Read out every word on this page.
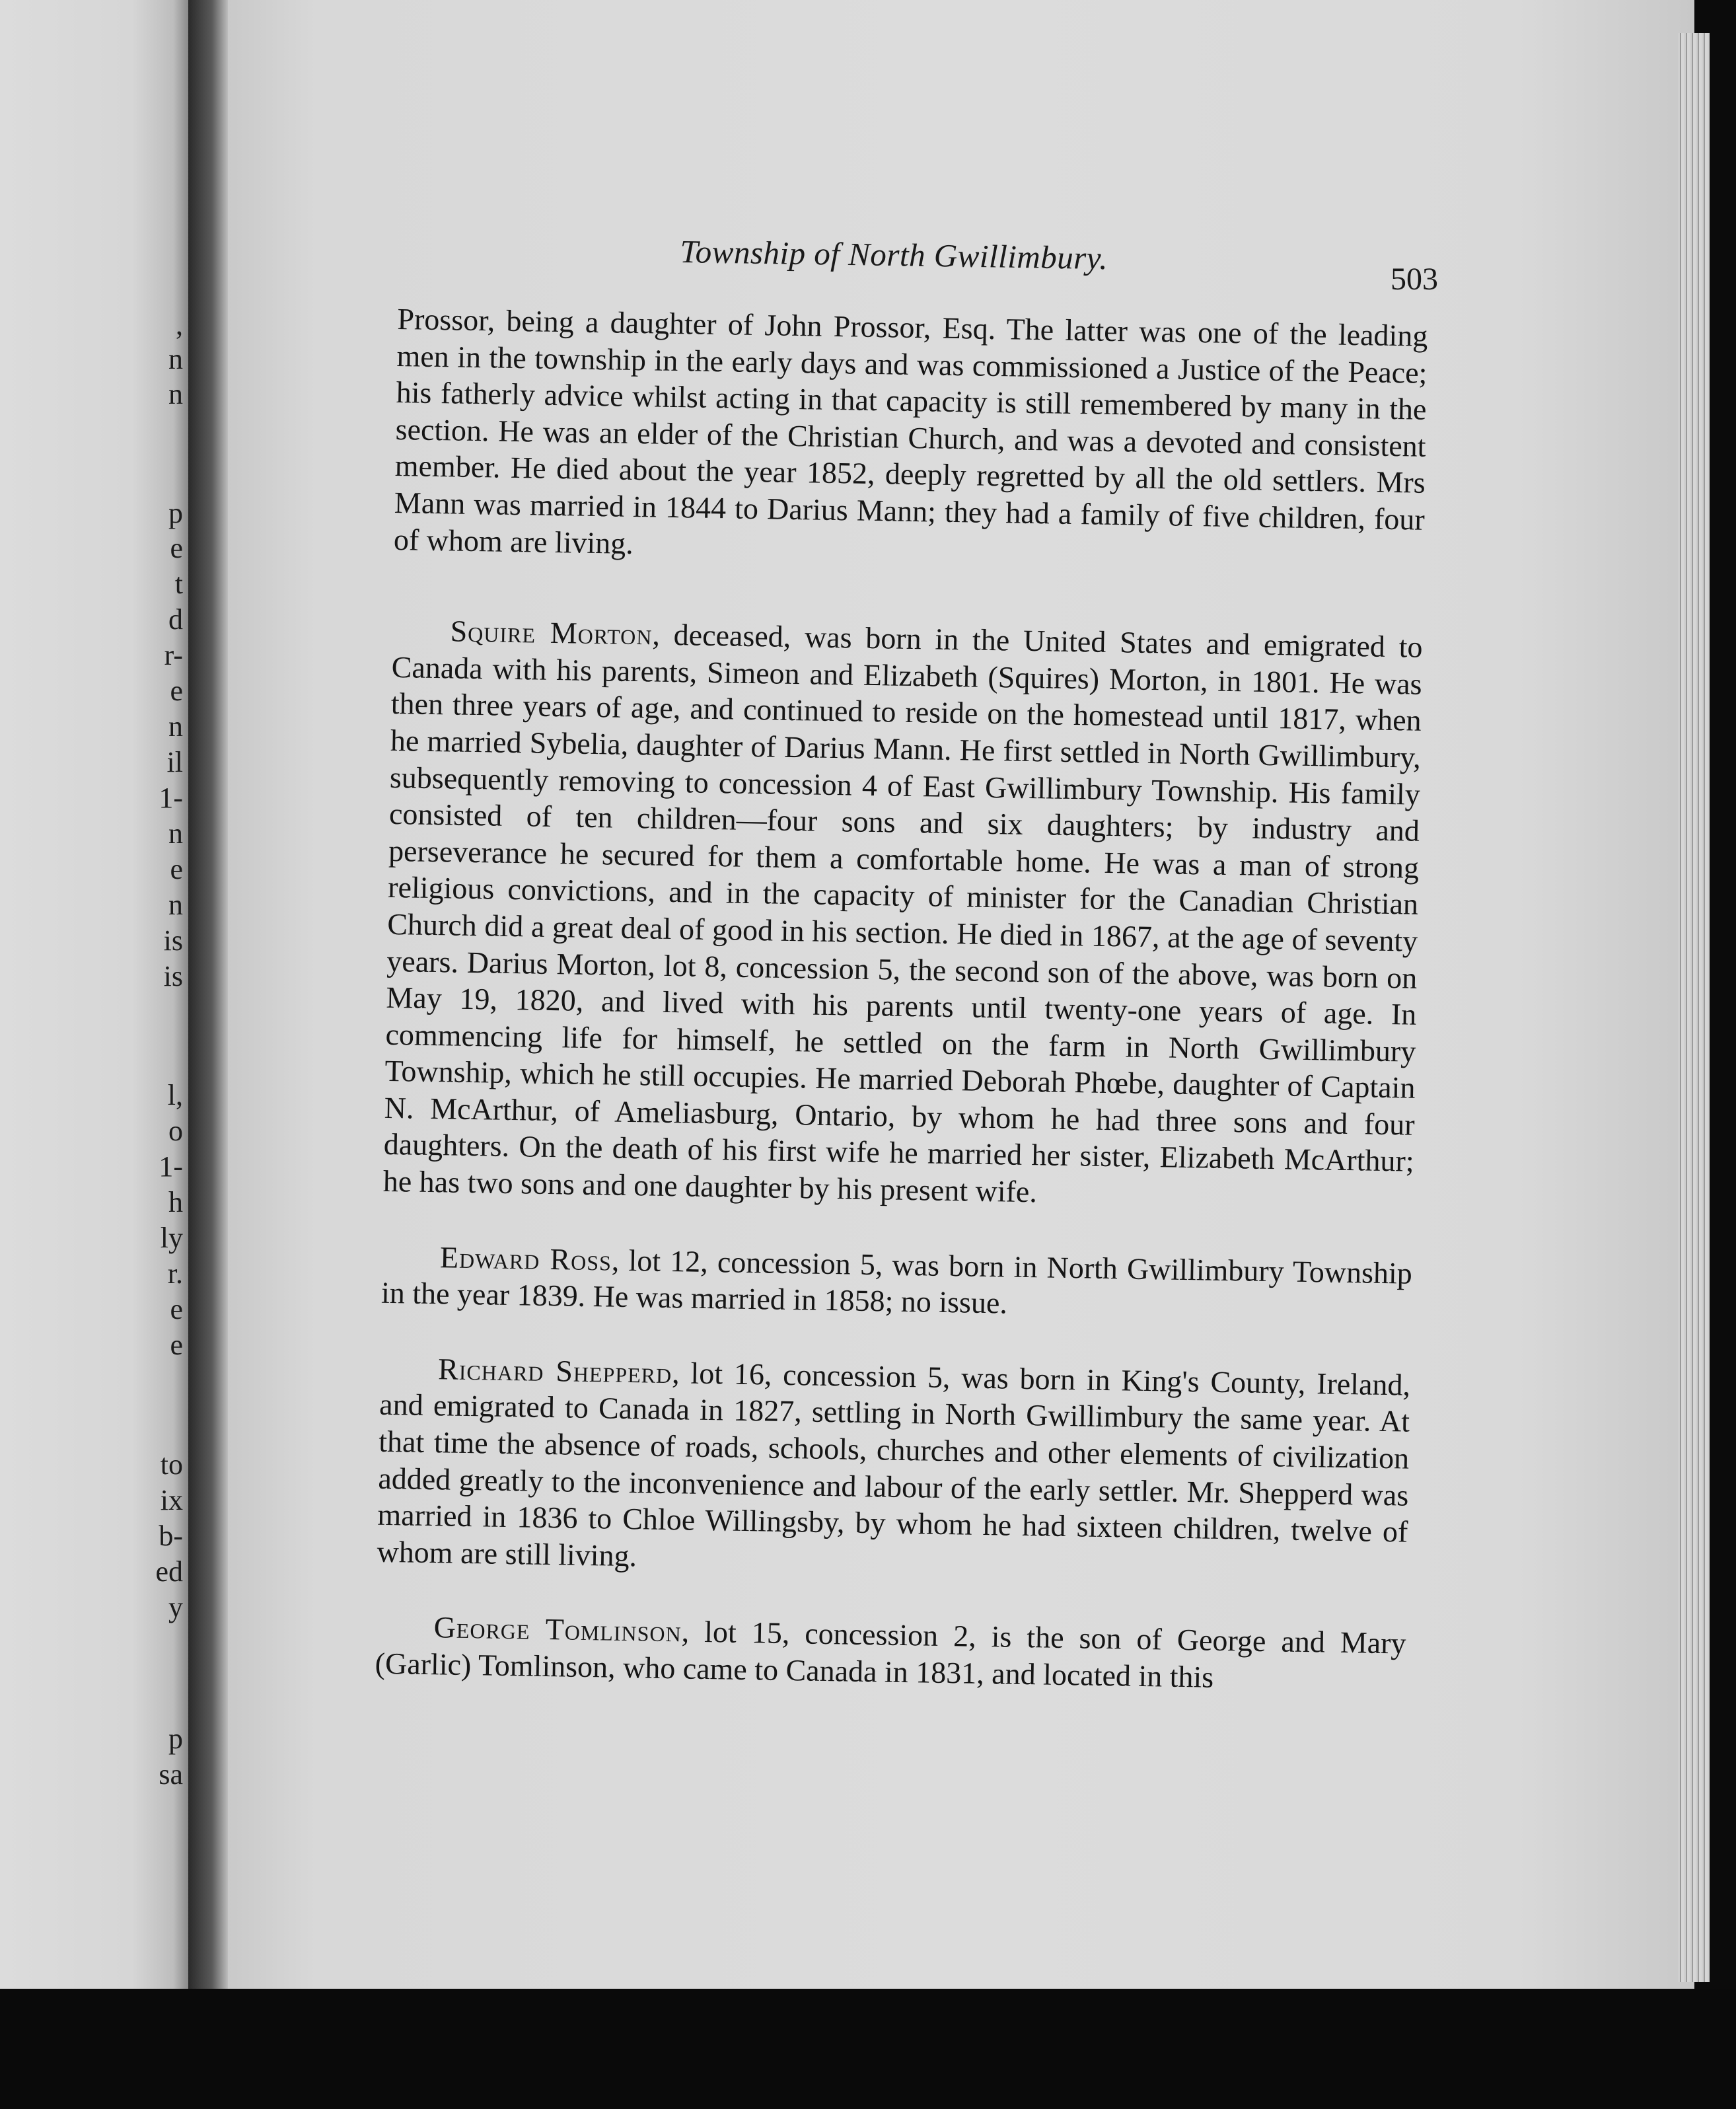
,
n
n
p
e
t
d
r-
e
n
il
1-
n
e
n
is
is
l,
o
1-
h
ly
r.
e
e
to
ix
b-
ed
y
p
sa
Township of North Gwillimbury.
503

Prossor, being a daughter of John Prossor, Esq. The latter was one of the leading men in the township in the early days and was commissioned a Justice of the Peace; his fatherly advice whilst acting in that capacity is still remembered by many in the section. He was an elder of the Christian Church, and was a devoted and consistent member. He died about the year 1852, deeply regretted by all the old settlers. Mrs Mann was married in 1844 to Darius Mann; they had a family of five children, four of whom are living.

Squire Morton, deceased, was born in the United States and emigrated to Canada with his parents, Simeon and Elizabeth (Squires) Morton, in 1801. He was then three years of age, and continued to reside on the homestead until 1817, when he married Sybelia, daughter of Darius Mann. He first settled in North Gwillimbury, subsequently removing to concession 4 of East Gwillimbury Township. His family consisted of ten children—four sons and six daughters; by industry and perseverance he secured for them a comfortable home. He was a man of strong religious convictions, and in the capacity of minister for the Canadian Christian Church did a great deal of good in his section. He died in 1867, at the age of seventy years. Darius Morton, lot 8, concession 5, the second son of the above, was born on May 19, 1820, and lived with his parents until twenty-one years of age. In commencing life for himself, he settled on the farm in North Gwillimbury Township, which he still occupies. He married Deborah Phœbe, daughter of Captain N. McArthur, of Ameliasburg, Ontario, by whom he had three sons and four daughters. On the death of his first wife he married her sister, Elizabeth McArthur; he has two sons and one daughter by his present wife.

Edward Ross, lot 12, concession 5, was born in North Gwillimbury Township in the year 1839. He was married in 1858; no issue.

Richard Shepperd, lot 16, concession 5, was born in King's County, Ireland, and emigrated to Canada in 1827, settling in North Gwillimbury the same year. At that time the absence of roads, schools, churches and other elements of civilization added greatly to the inconvenience and labour of the early settler. Mr. Shepperd was married in 1836 to Chloe Willingsby, by whom he had sixteen children, twelve of whom are still living.

George Tomlinson, lot 15, concession 2, is the son of George and Mary (Garlic) Tomlinson, who came to Canada in 1831, and located in this
